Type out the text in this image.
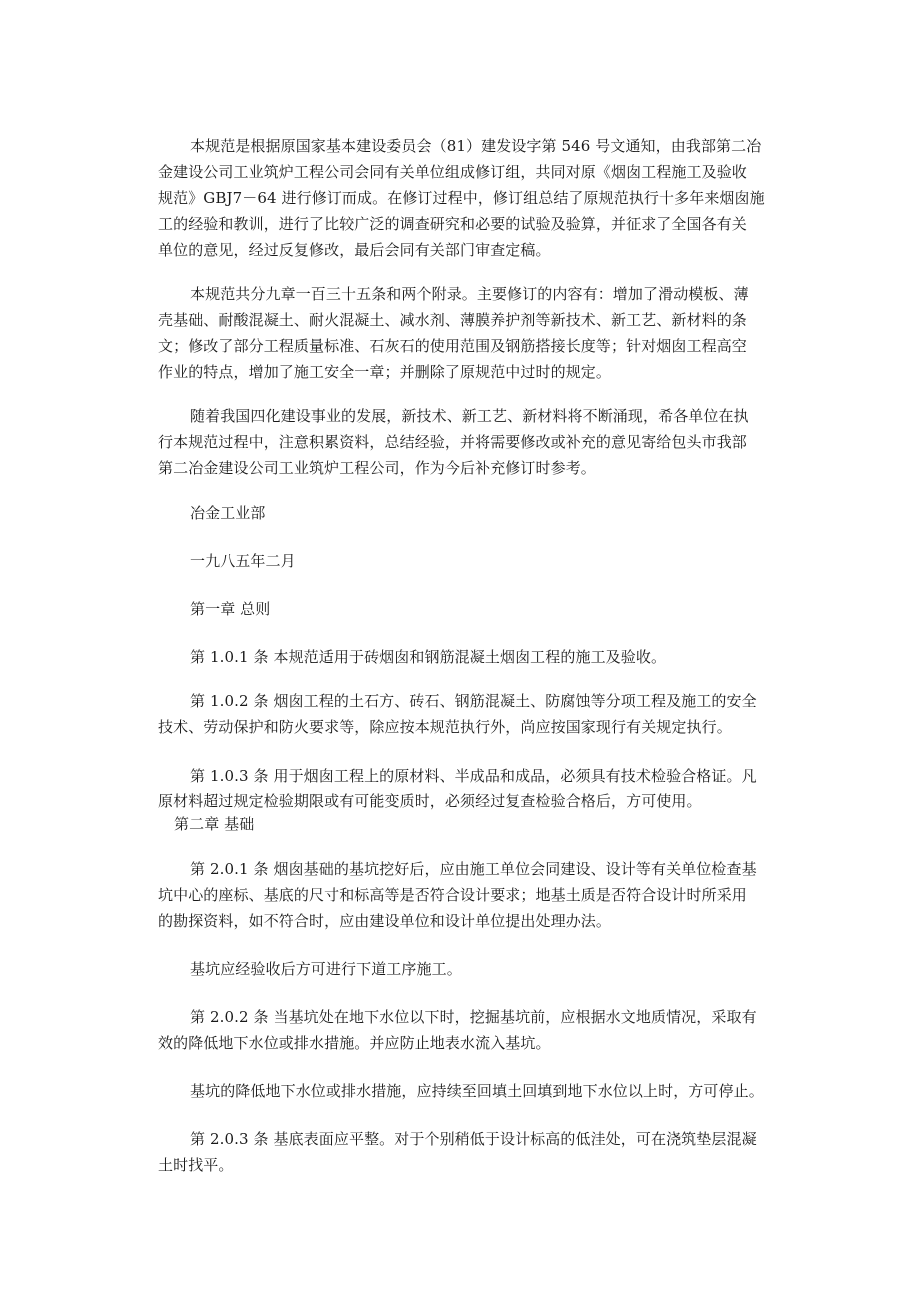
本规范是根据原国家基本建设委员会（81）建发设字第 546 号文通知，由我部第二冶
金建设公司工业筑炉工程公司会同有关单位组成修订组，共同对原《烟囱工程施工及验收
规范》GBJ7－64 进行修订而成。在修订过程中，修订组总结了原规范执行十多年来烟囱施
工的经验和教训，进行了比较广泛的调查研究和必要的试验及验算，并征求了全国各有关
单位的意见，经过反复修改，最后会同有关部门审查定稿。
本规范共分九章一百三十五条和两个附录。主要修订的内容有：增加了滑动模板、薄
壳基础、耐酸混凝土、耐火混凝土、减水剂、薄膜养护剂等新技术、新工艺、新材料的条
文；修改了部分工程质量标准、石灰石的使用范围及钢筋搭接长度等；针对烟囱工程高空
作业的特点，增加了施工安全一章；并删除了原规范中过时的规定。
随着我国四化建设事业的发展，新技术、新工艺、新材料将不断涌现，希各单位在执
行本规范过程中，注意积累资料，总结经验，并将需要修改或补充的意见寄给包头市我部
第二冶金建设公司工业筑炉工程公司，作为今后补充修订时参考。
冶金工业部
一九八五年二月
第一章 总则
第 1.0.1 条 本规范适用于砖烟囱和钢筋混凝土烟囱工程的施工及验收。
第 1.0.2 条 烟囱工程的土石方、砖石、钢筋混凝土、防腐蚀等分项工程及施工的安全
技术、劳动保护和防火要求等，除应按本规范执行外，尚应按国家现行有关规定执行。
第 1.0.3 条 用于烟囱工程上的原材料、半成品和成品，必须具有技术检验合格证。凡
原材料超过规定检验期限或有可能变质时，必须经过复查检验合格后，方可使用。
第二章 基础
第 2.0.1 条 烟囱基础的基坑挖好后，应由施工单位会同建设、设计等有关单位检查基
坑中心的座标、基底的尺寸和标高等是否符合设计要求；地基土质是否符合设计时所采用
的勘探资料，如不符合时，应由建设单位和设计单位提出处理办法。
基坑应经验收后方可进行下道工序施工。
第 2.0.2 条 当基坑处在地下水位以下时，挖掘基坑前，应根据水文地质情况，采取有
效的降低地下水位或排水措施。并应防止地表水流入基坑。
基坑的降低地下水位或排水措施，应持续至回填土回填到地下水位以上时，方可停止。
第 2.0.3 条 基底表面应平整。对于个别稍低于设计标高的低洼处，可在浇筑垫层混凝
土时找平。
